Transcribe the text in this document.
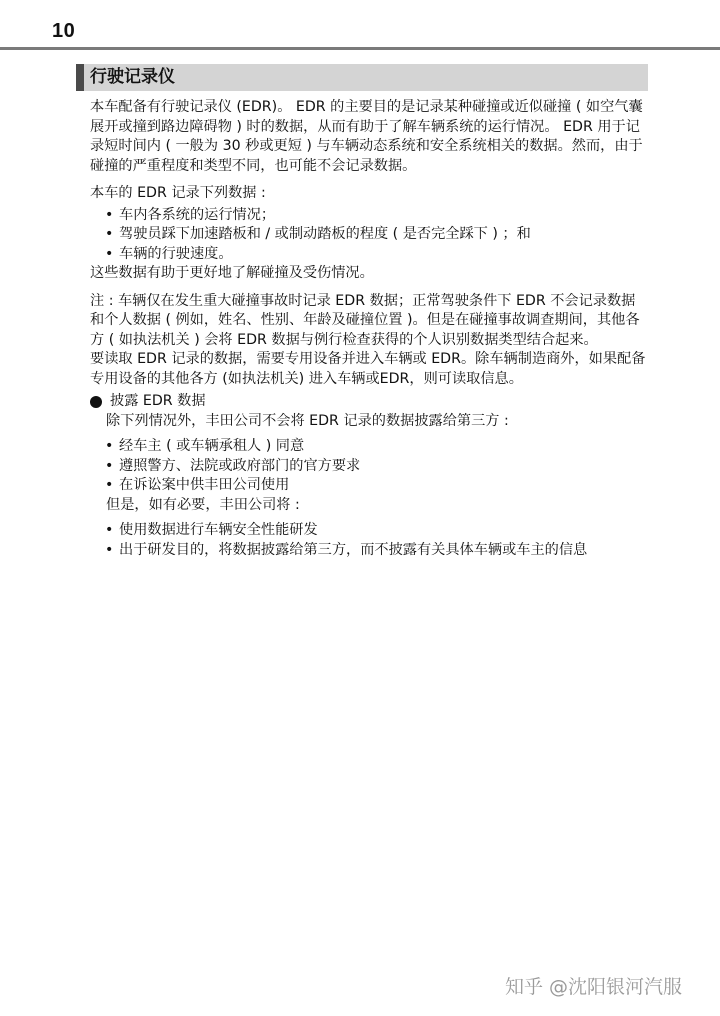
10
行驶记录仪

本车配备有行驶记录仪 (EDR)。 EDR 的主要目的是记录某种碰撞或近似碰撞 ( 如空气囊展开或撞到路边障碍物 ) 时的数据，从而有助于了解车辆系统的运行情况。 EDR 用于记录短时间内 ( 一般为 30 秒或更短 ) 与车辆动态系统和安全系统相关的数据。然而，由于碰撞的严重程度和类型不同，也可能不会记录数据。

本车的 EDR 记录下列数据 :

• 车内各系统的运行情况；
• 驾驶员踩下加速踏板和 / 或制动踏板的程度 ( 是否完全踩下 ) ；和
• 车辆的行驶速度。

这些数据有助于更好地了解碰撞及受伤情况。

注 : 车辆仅在发生重大碰撞事故时记录 EDR 数据；正常驾驶条件下 EDR 不会记录数据和个人数据 ( 例如，姓名、性别、年龄及碰撞位置 )。但是在碰撞事故调查期间，其他各方 ( 如执法机关 ) 会将 EDR 数据与例行检查获得的个人识别数据类型结合起来。

要读取 EDR 记录的数据，需要专用设备并进入车辆或 EDR。除车辆制造商外，如果配备专用设备的其他各方 (如执法机关) 进入车辆或EDR，则可读取信息。

披露 EDR 数据

除下列情况外，丰田公司不会将 EDR 记录的数据披露给第三方 :

• 经车主 ( 或车辆承租人 ) 同意
• 遵照警方、法院或政府部门的官方要求
• 在诉讼案中供丰田公司使用

但是，如有必要，丰田公司将 :

• 使用数据进行车辆安全性能研发
• 出于研发目的，将数据披露给第三方，而不披露有关具体车辆或车主的信息
知乎 @沈阳银河汽服
